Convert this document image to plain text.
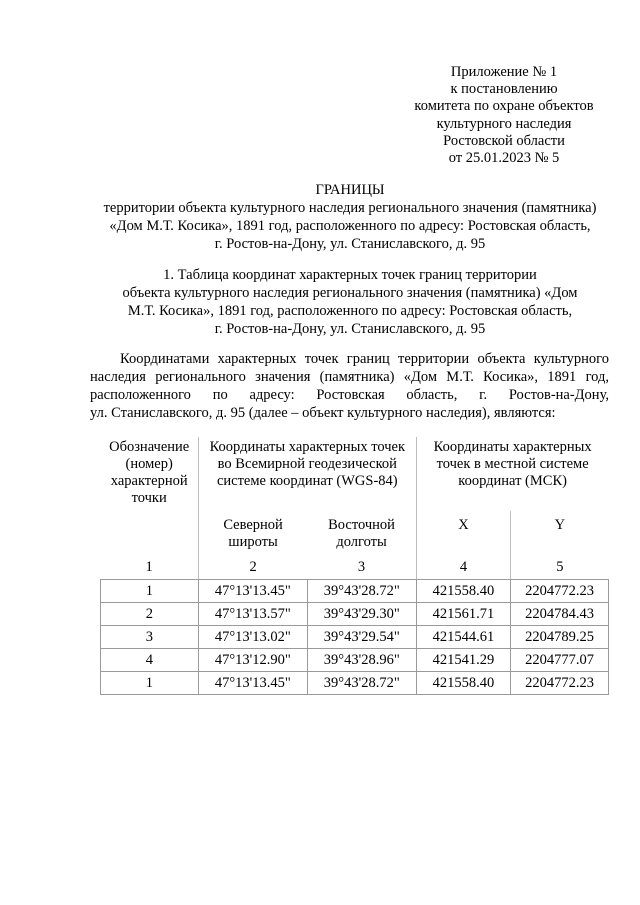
Приложение № 1
к постановлению
комитета по охране объектов
культурного наследия
Ростовской области
от 25.01.2023 № 5
ГРАНИЦЫ
территории объекта культурного наследия регионального значения (памятника)
«Дом М.Т. Косика», 1891 год, расположенного по адресу: Ростовская область,
г. Ростов-на-Дону, ул. Станиславского, д. 95
1. Таблица координат характерных точек границ территории
объекта культурного наследия регионального значения (памятника) «Дом
М.Т. Косика», 1891 год, расположенного по адресу: Ростовская область,
г. Ростов-на-Дону, ул. Станиславского, д. 95
Координатами характерных точек границ территории объекта культурного
наследия регионального значения (памятника) «Дом М.Т. Косика», 1891 год,
расположенного по адресу: Ростовская область, г. Ростов-на-Дону,
ул. Станиславского, д. 95 (далее – объект культурного наследия), являются:
Обозначение (номер) характерной точки	Координаты характерных точек во Всемирной геодезической системе координат (WGS-84)		Координаты характерных точек в местной системе координат (МСК)	
	Северной широты	Восточной долготы	X	Y
1	2	3	4	5
1	47°13'13.45"	39°43'28.72"	421558.40	2204772.23
2	47°13'13.57"	39°43'29.30"	421561.71	2204784.43
3	47°13'13.02"	39°43'29.54"	421544.61	2204789.25
4	47°13'12.90"	39°43'28.96"	421541.29	2204777.07
1	47°13'13.45"	39°43'28.72"	421558.40	2204772.23
